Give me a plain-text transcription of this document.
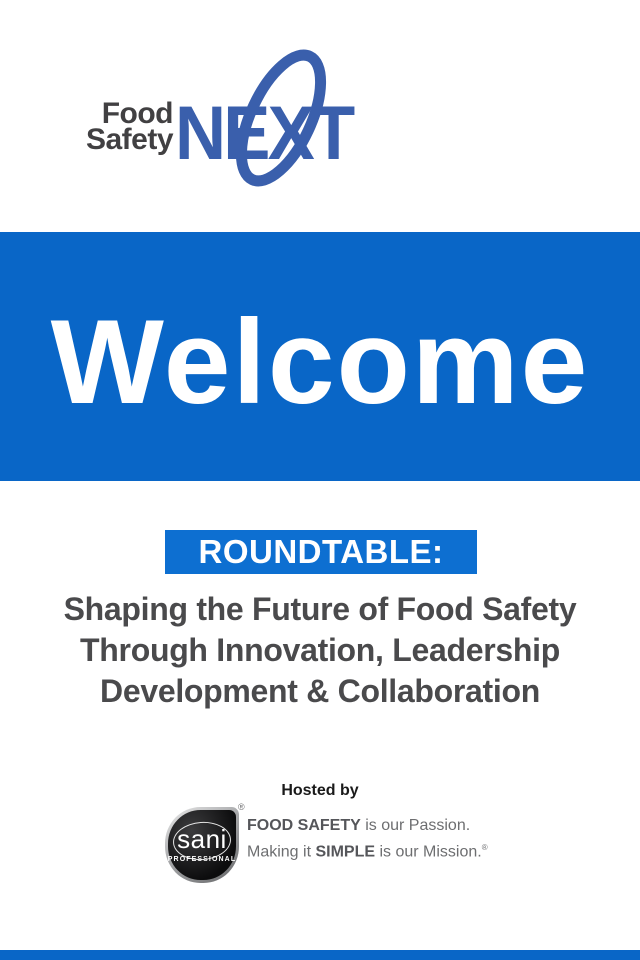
Food
Safety NEXT
Welcome
ROUNDTABLE:
Shaping the Future of Food Safety
Through Innovation, Leadership
Development & Collaboration
Hosted by
sani
PROFESSIONAL
®
FOOD SAFETY is our Passion.
Making it SIMPLE is our Mission.®
